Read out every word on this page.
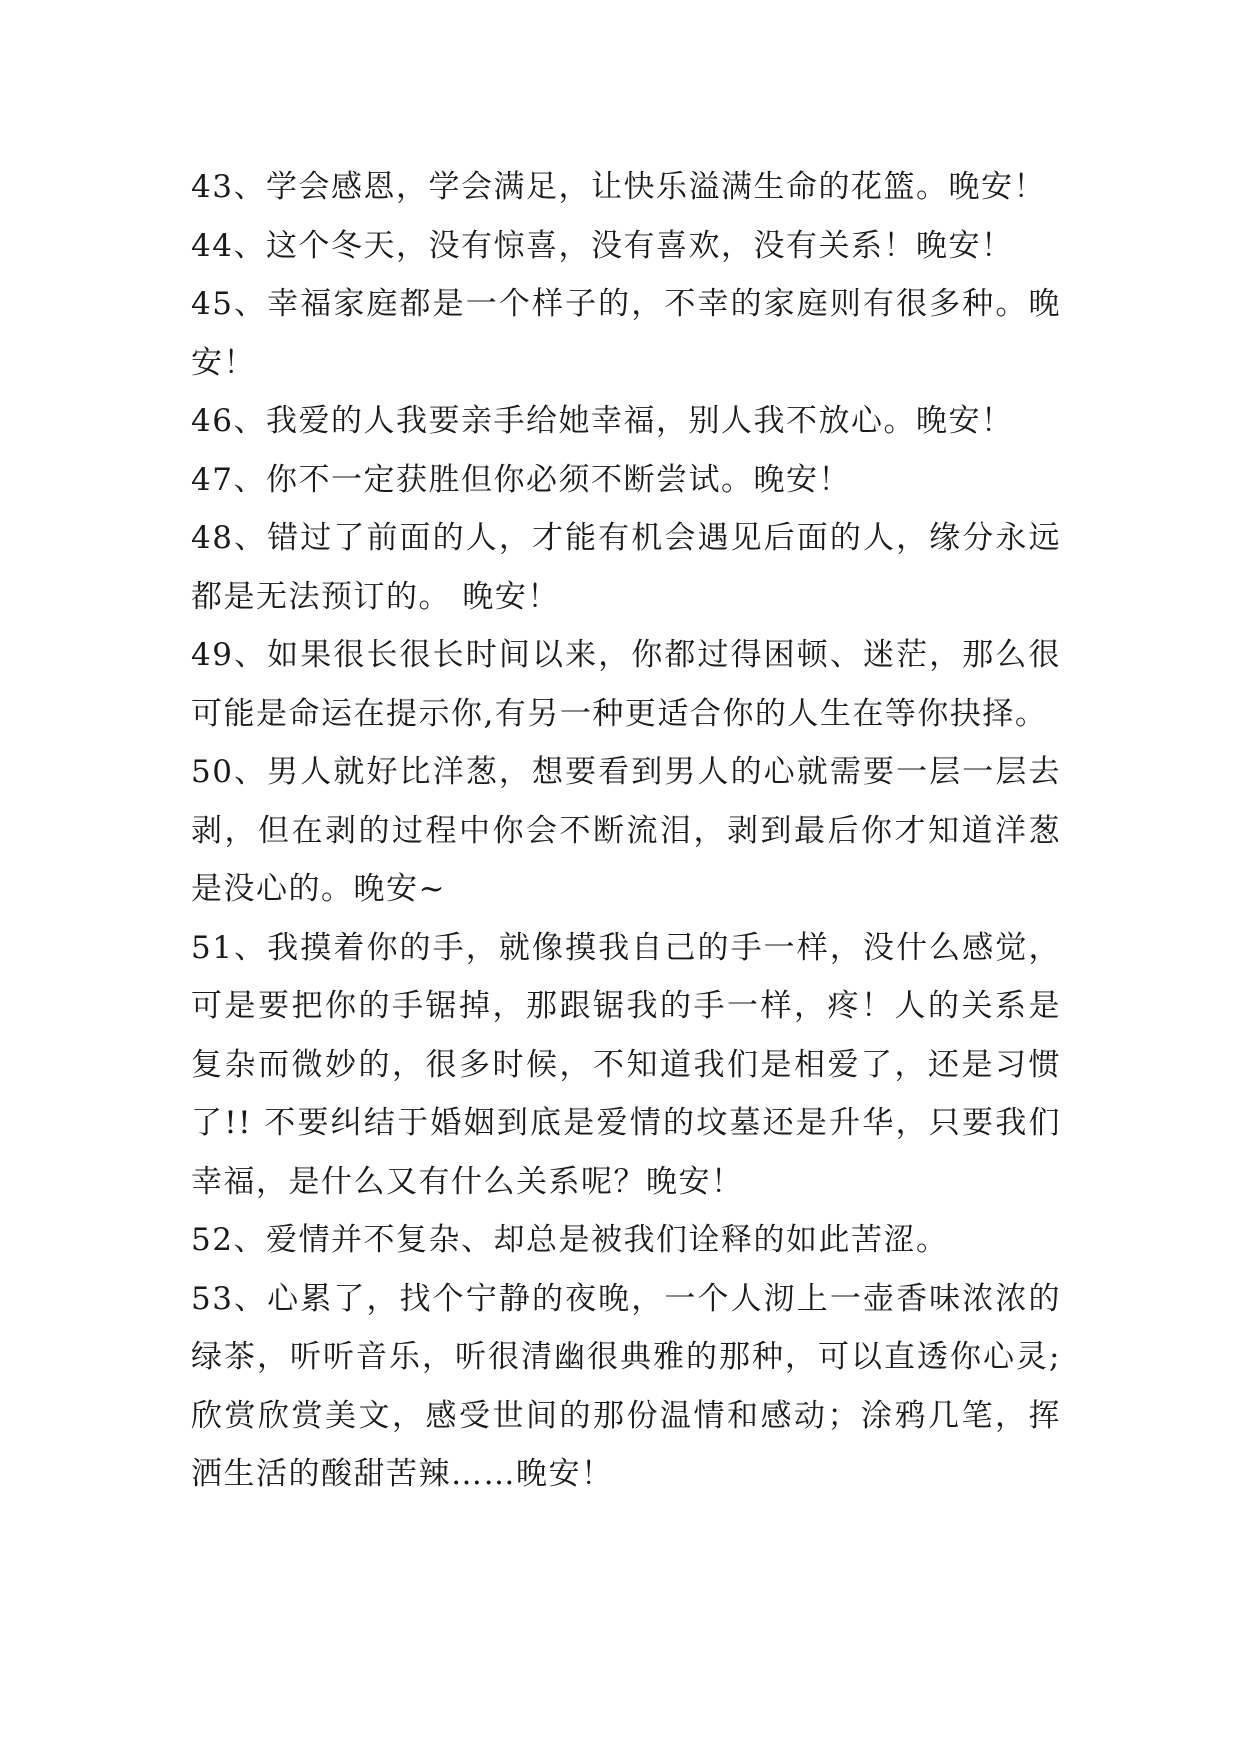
43、学会感恩，学会满足，让快乐溢满生命的花篮。晚安！

44、这个冬天，没有惊喜，没有喜欢，没有关系！晚安！

45、幸福家庭都是一个样子的，不幸的家庭则有很多种。晚安！

46、我爱的人我要亲手给她幸福，别人我不放心。晚安！

47、你不一定获胜但你必须不断尝试。晚安！

48、错过了前面的人，才能有机会遇见后面的人，缘分永远都是无法预订的。 晚安！

49、如果很长很长时间以来，你都过得困顿、迷茫，那么很可能是命运在提示你,有另一种更适合你的人生在等你抉择。

50、男人就好比洋葱，想要看到男人的心就需要一层一层去剥，但在剥的过程中你会不断流泪，剥到最后你才知道洋葱是没心的。晚安~

51、我摸着你的手，就像摸我自己的手一样，没什么感觉，可是要把你的手锯掉，那跟锯我的手一样，疼！人的关系是复杂而微妙的，很多时候，不知道我们是相爱了，还是习惯了!! 不要纠结于婚姻到底是爱情的坟墓还是升华，只要我们幸福，是什么又有什么关系呢？晚安！

52、爱情并不复杂、却总是被我们诠释的如此苦涩。

53、心累了，找个宁静的夜晚，一个人沏上一壶香味浓浓的绿茶，听听音乐，听很清幽很典雅的那种，可以直透你心灵;欣赏欣赏美文，感受世间的那份温情和感动；涂鸦几笔，挥洒生活的酸甜苦辣……晚安！
